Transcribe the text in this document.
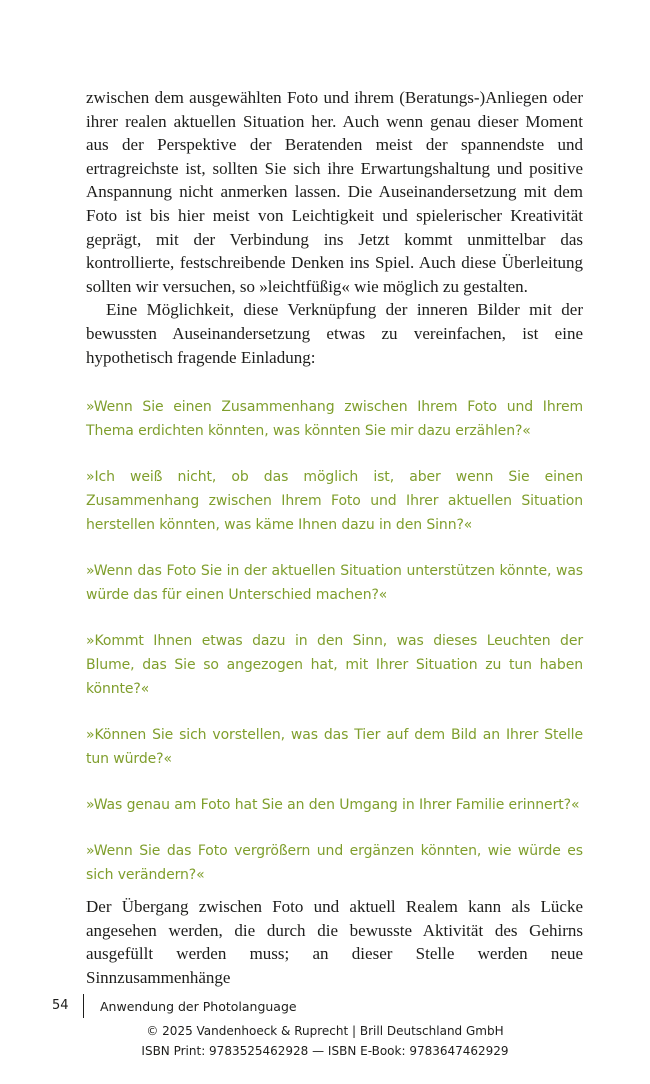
zwischen dem ausgewählten Foto und ihrem (Beratungs-)Anliegen oder ihrer realen aktuellen Situation her. Auch wenn genau dieser Moment aus der Perspektive der Beratenden meist der spannendste und ertragreichste ist, sollten Sie sich ihre Erwartungshaltung und positive Anspannung nicht anmerken lassen. Die Auseinandersetzung mit dem Foto ist bis hier meist von Leichtigkeit und spielerischer Kreativität geprägt, mit der Verbindung ins Jetzt kommt unmittelbar das kontrollierte, festschreibende Denken ins Spiel. Auch diese Überleitung sollten wir versuchen, so »leichtfüßig« wie möglich zu gestalten.

Eine Möglichkeit, diese Verknüpfung der inneren Bilder mit der bewussten Auseinandersetzung etwas zu vereinfachen, ist eine hypothetisch fragende Einladung:

»Wenn Sie einen Zusammenhang zwischen Ihrem Foto und Ihrem Thema erdichten könnten, was könnten Sie mir dazu erzählen?«

»Ich weiß nicht, ob das möglich ist, aber wenn Sie einen Zusammenhang zwischen Ihrem Foto und Ihrer aktuellen Situation herstellen könnten, was käme Ihnen dazu in den Sinn?«

»Wenn das Foto Sie in der aktuellen Situation unterstützen könnte, was würde das für einen Unterschied machen?«

»Kommt Ihnen etwas dazu in den Sinn, was dieses Leuchten der Blume, das Sie so angezogen hat, mit Ihrer Situation zu tun haben könnte?«

»Können Sie sich vorstellen, was das Tier auf dem Bild an Ihrer Stelle tun würde?«

»Was genau am Foto hat Sie an den Umgang in Ihrer Familie erinnert?«

»Wenn Sie das Foto vergrößern und ergänzen könnten, wie würde es sich verändern?«

Der Übergang zwischen Foto und aktuell Realem kann als Lücke angesehen werden, die durch die bewusste Aktivität des Gehirns ausgefüllt werden muss; an dieser Stelle werden neue Sinnzusammenhänge

54	Anwendung der Photolanguage
© 2025 Vandenhoeck & Ruprecht | Brill Deutschland GmbH
ISBN Print: 9783525462928 — ISBN E-Book: 9783647462929
